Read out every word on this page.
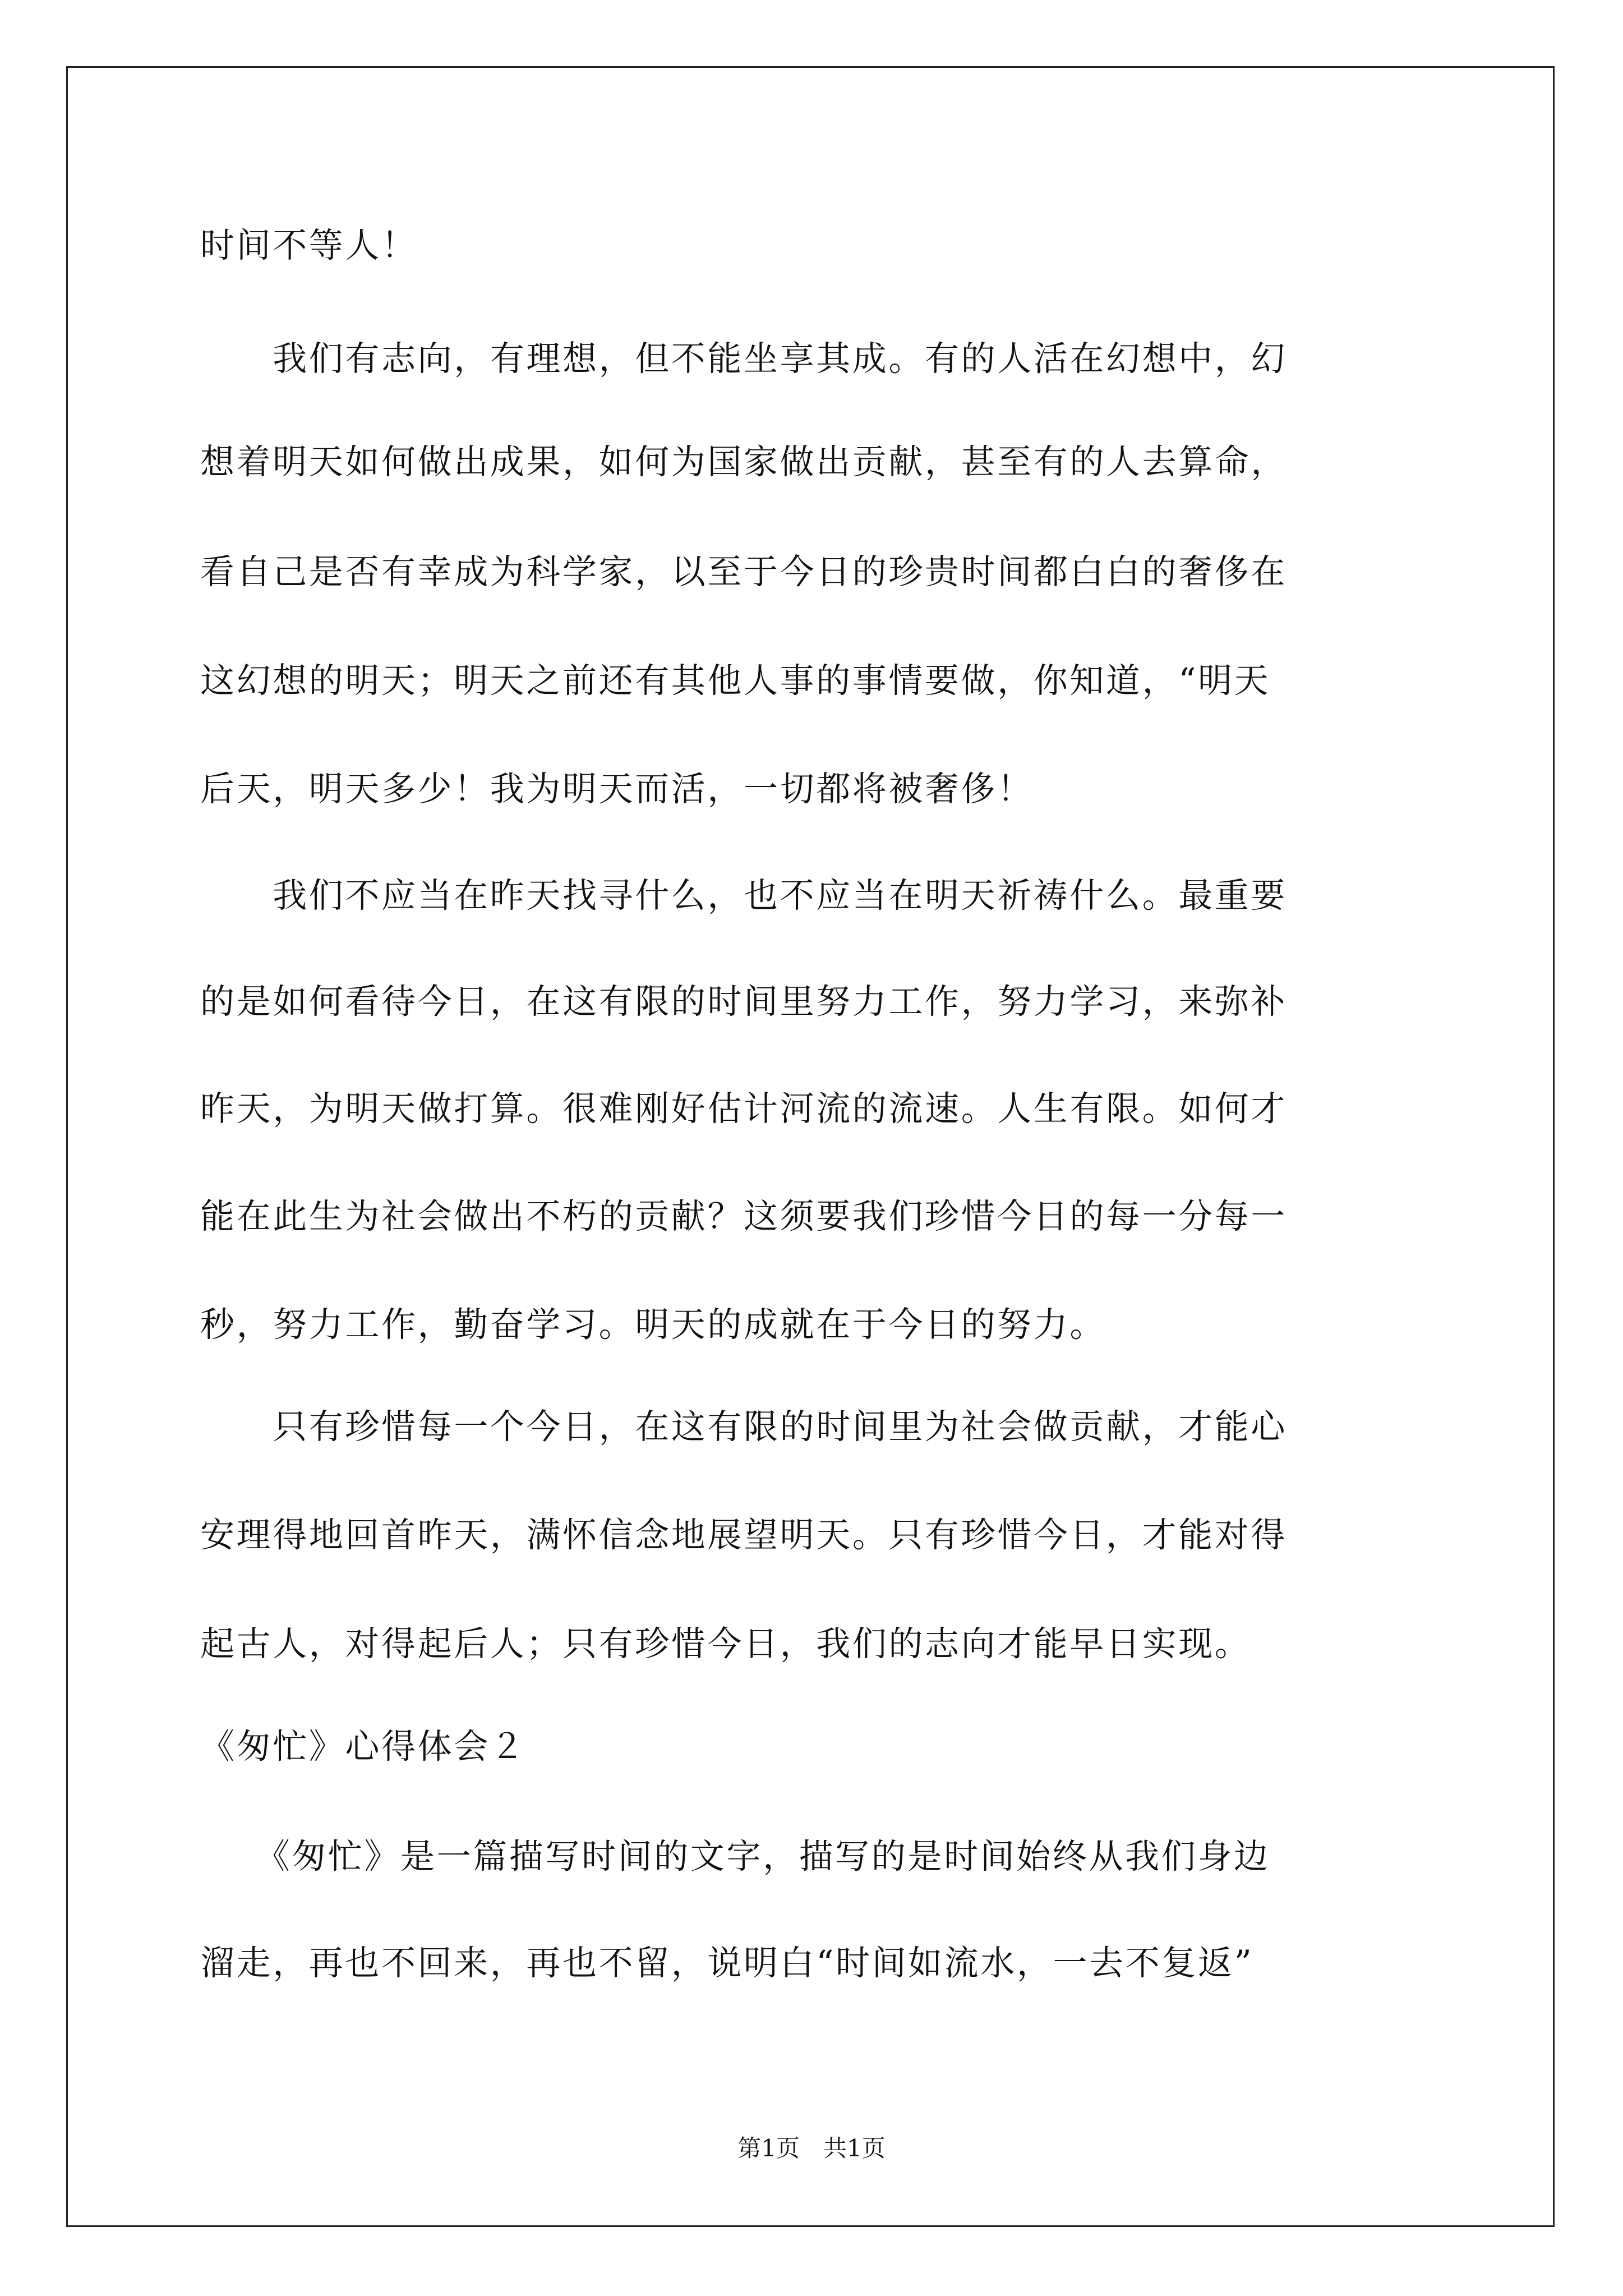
时间不等人！
　　我们有志向，有理想，但不能坐享其成。有的人活在幻想中，幻
想着明天如何做出成果，如何为国家做出贡献，甚至有的人去算命，
看自己是否有幸成为科学家，以至于今日的珍贵时间都白白的奢侈在
这幻想的明天；明天之前还有其他人事的事情要做，你知道，“明天
后天，明天多少！我为明天而活，一切都将被奢侈！
　　我们不应当在昨天找寻什么，也不应当在明天祈祷什么。最重要
的是如何看待今日，在这有限的时间里努力工作，努力学习，来弥补
昨天，为明天做打算。很难刚好估计河流的流速。人生有限。如何才
能在此生为社会做出不朽的贡献？这须要我们珍惜今日的每一分每一
秒，努力工作，勤奋学习。明天的成就在于今日的努力。
　　只有珍惜每一个今日，在这有限的时间里为社会做贡献，才能心
安理得地回首昨天，满怀信念地展望明天。只有珍惜今日，才能对得
起古人，对得起后人；只有珍惜今日，我们的志向才能早日实现。
《匆忙》心得体会２
　　《匆忙》是一篇描写时间的文字，描写的是时间始终从我们身边
溜走，再也不回来，再也不留，说明白“时间如流水，一去不复返”
第1页　共1页
